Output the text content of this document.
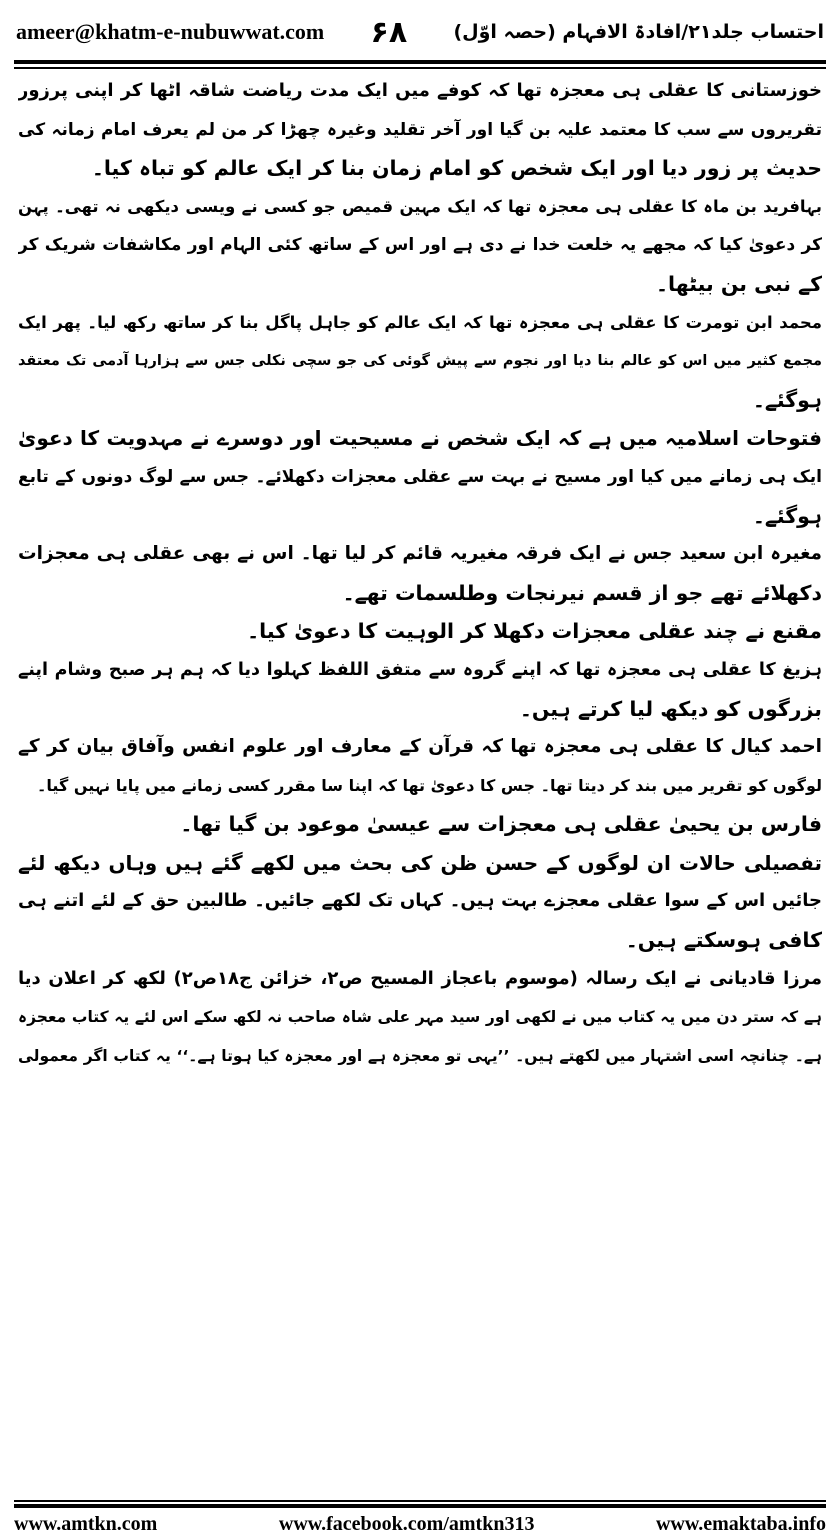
ameer@khatm-e-nubuwwat.com ۶۸ احتساب جلد۲۱/افادۃ الافہام (حصہ اوّل)
خوزستانی کا عقلی ہی معجزہ تھا کہ کوفے میں ایک مدت ریاضت شاقہ اٹھا کر اپنی پرزور
تقریروں سے سب کا معتمد علیہ بن گیا اور آخر تقلید وغیرہ چھڑا کر من لم یعرف امام زمانہ کی
حدیث پر زور دیا اور ایک شخص کو امام زمان بنا کر ایک عالم کو تباہ کیا۔
بہافرید بن ماہ کا عقلی ہی معجزہ تھا کہ ایک مہین قمیص جو کسی نے ویسی دیکھی نہ تھی۔ پہن
کر دعویٰ کیا کہ مجھے یہ خلعت خدا نے دی ہے اور اس کے ساتھ کئی الہام اور مکاشفات شریک کر
کے نبی بن بیٹھا۔
محمد ابن تومرت کا عقلی ہی معجزہ تھا کہ ایک عالم کو جاہل پاگل بنا کر ساتھ رکھ لیا۔ پھر ایک
مجمع کثیر میں اس کو عالم بنا دیا اور نجوم سے پیش گوئی کی جو سچی نکلی جس سے ہزارہا آدمی تک معتقد
ہوگئے۔
فتوحات اسلامیہ میں ہے کہ ایک شخص نے مسیحیت اور دوسرے نے مہدویت کا دعویٰ
ایک ہی زمانے میں کیا اور مسیح نے بہت سے عقلی معجزات دکھلائے۔ جس سے لوگ دونوں کے تابع
ہوگئے۔
مغیرہ ابن سعید جس نے ایک فرقہ مغیریہ قائم کر لیا تھا۔ اس نے بھی عقلی ہی معجزات
دکھلائے تھے جو از قسم نیرنجات وطلسمات تھے۔
مقنع نے چند عقلی معجزات دکھلا کر الوہیت کا دعویٰ کیا۔
ہزیغ کا عقلی ہی معجزہ تھا کہ اپنے گروہ سے متفق اللفظ کہلوا دیا کہ ہم ہر صبح وشام اپنے
بزرگوں کو دیکھ لیا کرتے ہیں۔
احمد کیال کا عقلی ہی معجزہ تھا کہ قرآن کے معارف اور علوم انفس وآفاق بیان کر کے
لوگوں کو تقریر میں بند کر دیتا تھا۔ جس کا دعویٰ تھا کہ اپنا سا مقرر کسی زمانے میں پایا نہیں گیا۔
فارس بن یحییٰ عقلی ہی معجزات سے عیسیٰ موعود بن گیا تھا۔
تفصیلی حالات ان لوگوں کے حسن ظن کی بحث میں لکھے گئے ہیں وہاں دیکھ لئے
جائیں اس کے سوا عقلی معجزے بہت ہیں۔ کہاں تک لکھے جائیں۔ طالبین حق کے لئے اتنے ہی
کافی ہوسکتے ہیں۔
مرزا قادیانی نے ایک رسالہ (موسوم باعجاز المسیح ص۲، خزائن ج۱۸ص۲) لکھ کر اعلان دیا
ہے کہ ستر دن میں یہ کتاب میں نے لکھی اور سید مہر علی شاہ صاحب نہ لکھ سکے اس لئے یہ کتاب معجزہ
ہے۔ چنانچہ اسی اشتہار میں لکھتے ہیں۔ ’’یہی تو معجزہ ہے اور معجزہ کیا ہوتا ہے۔‘‘ یہ کتاب اگر معمولی
www.amtkn.com	www.facebook.com/amtkn313	www.emaktaba.info
